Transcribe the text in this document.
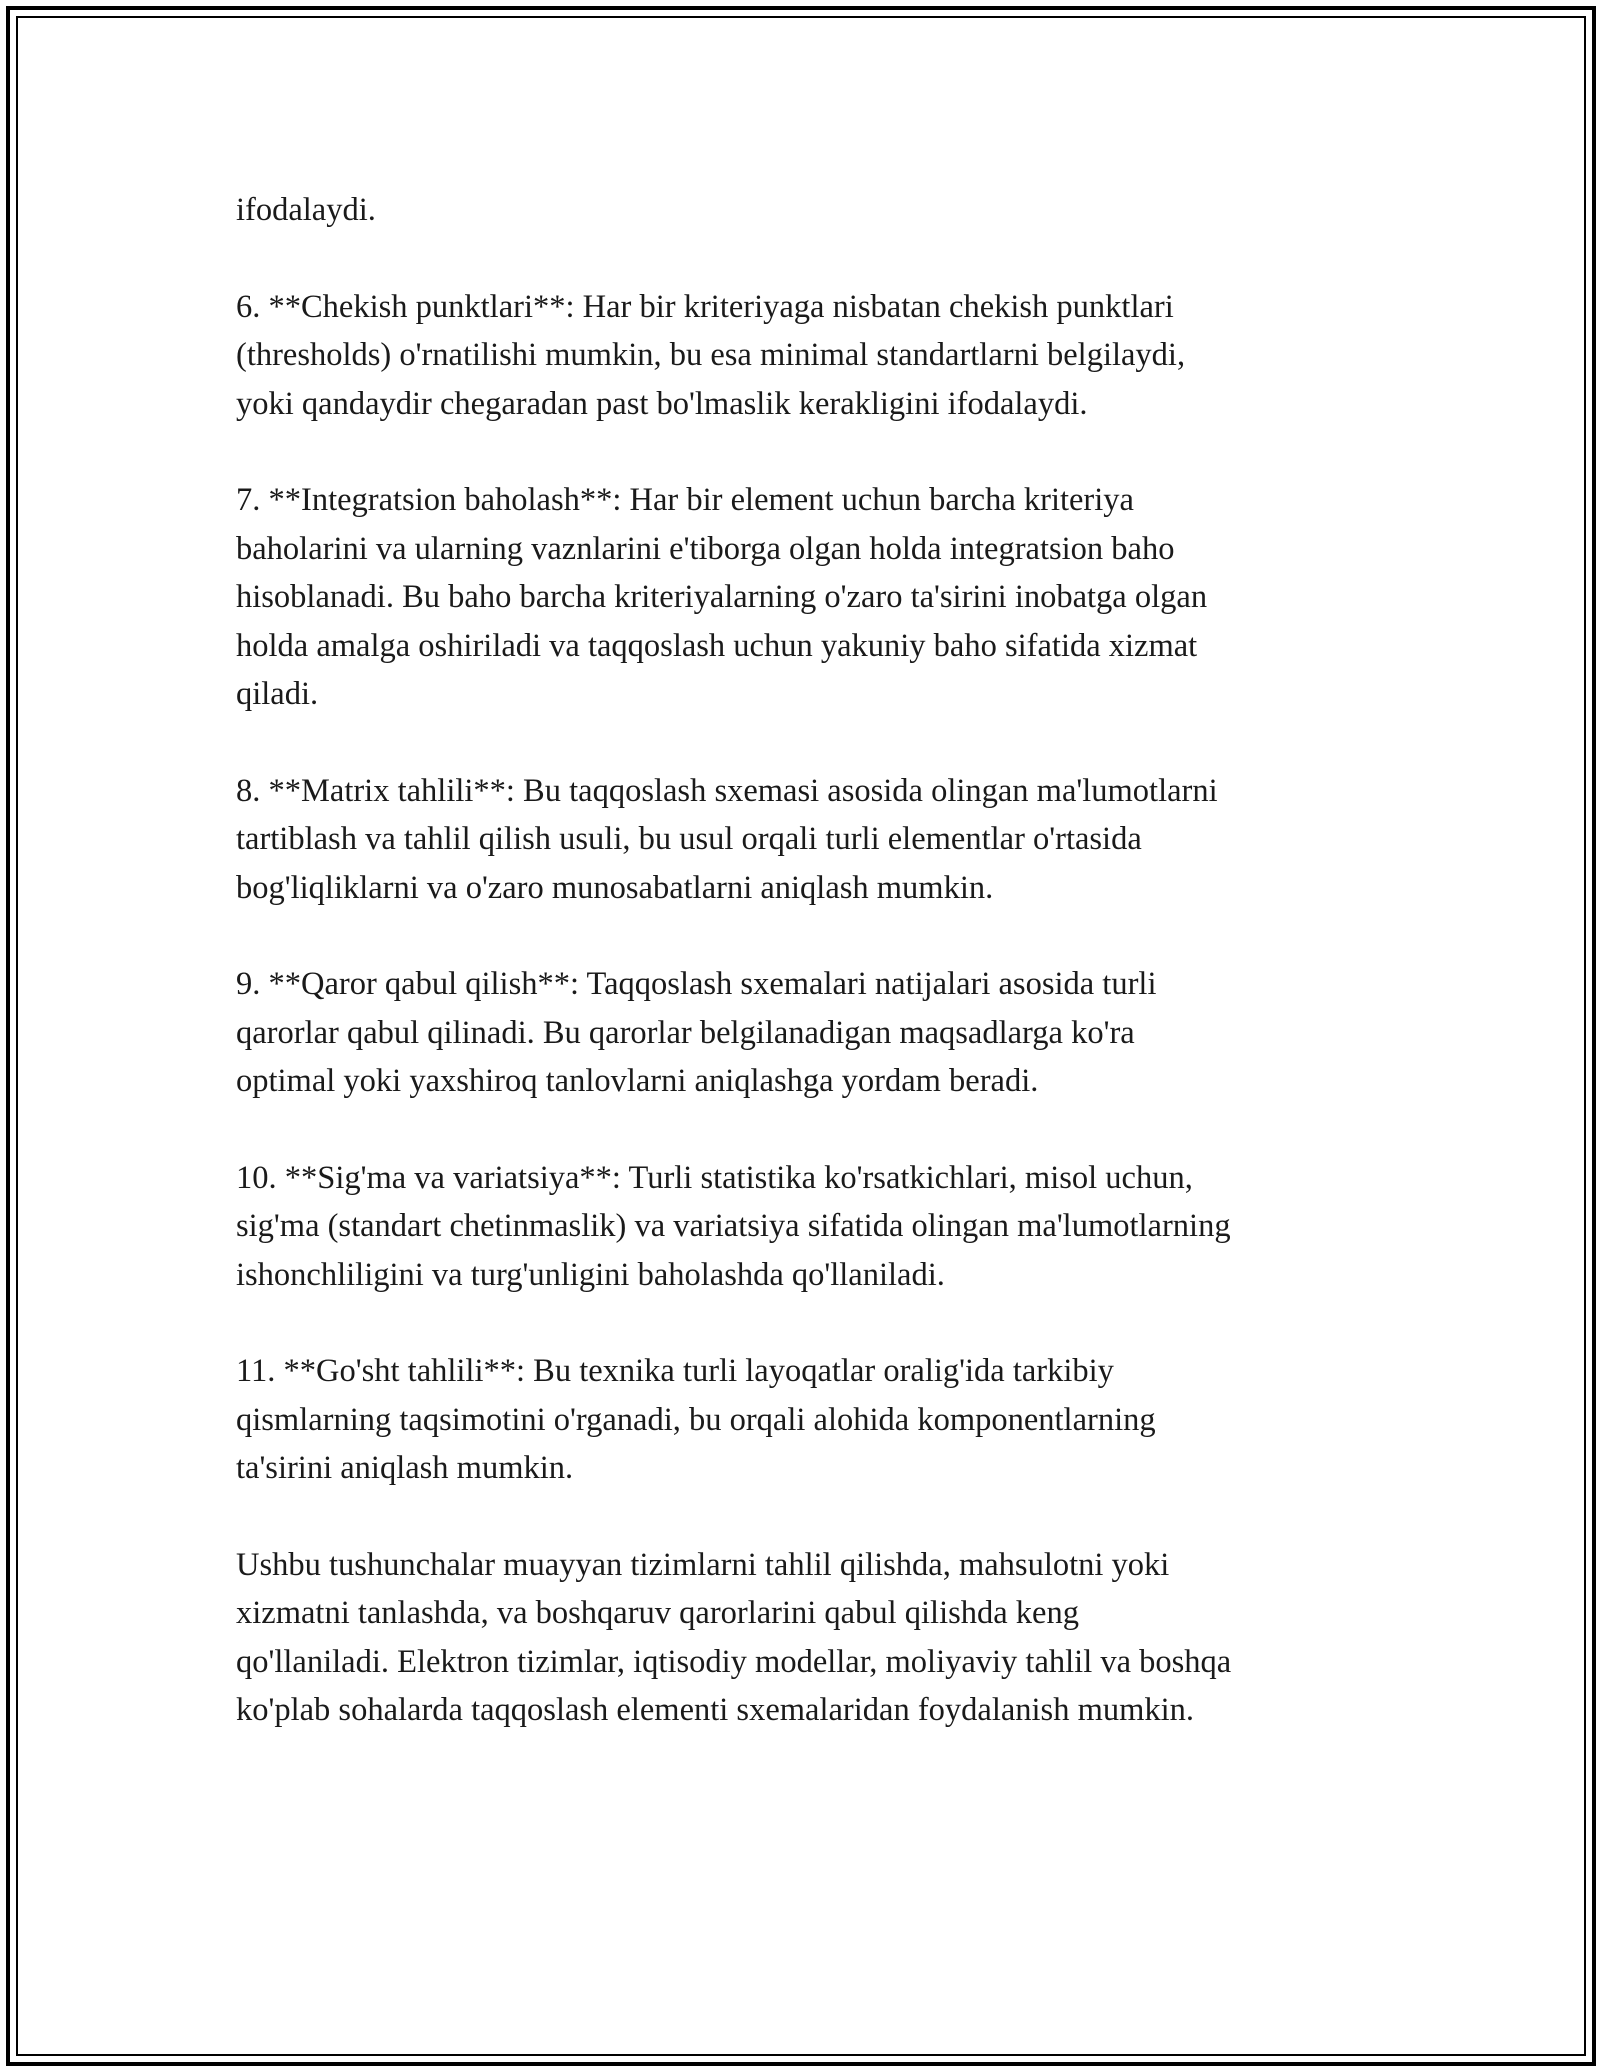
ifodalaydi.

6. **Chekish punktlari**: Har bir kriteriyaga nisbatan chekish punktlari
(thresholds) o'rnatilishi mumkin, bu esa minimal standartlarni belgilaydi,
yoki qandaydir chegaradan past bo'lmaslik kerakligini ifodalaydi.

7. **Integratsion baholash**: Har bir element uchun barcha kriteriya
baholarini va ularning vaznlarini e'tiborga olgan holda integratsion baho
hisoblanadi. Bu baho barcha kriteriyalarning o'zaro ta'sirini inobatga olgan
holda amalga oshiriladi va taqqoslash uchun yakuniy baho sifatida xizmat
qiladi.

8. **Matrix tahlili**: Bu taqqoslash sxemasi asosida olingan ma'lumotlarni
tartiblash va tahlil qilish usuli, bu usul orqali turli elementlar o'rtasida
bog'liqliklarni va o'zaro munosabatlarni aniqlash mumkin.

9. **Qaror qabul qilish**: Taqqoslash sxemalari natijalari asosida turli
qarorlar qabul qilinadi. Bu qarorlar belgilanadigan maqsadlarga ko'ra
optimal yoki yaxshiroq tanlovlarni aniqlashga yordam beradi.

10. **Sig'ma va variatsiya**: Turli statistika ko'rsatkichlari, misol uchun,
sig'ma (standart chetinmaslik) va variatsiya sifatida olingan ma'lumotlarning
ishonchliligini va turg'unligini baholashda qo'llaniladi.

11. **Go'sht tahlili**: Bu texnika turli layoqatlar oralig'ida tarkibiy
qismlarning taqsimotini o'rganadi, bu orqali alohida komponentlarning
ta'sirini aniqlash mumkin.

Ushbu tushunchalar muayyan tizimlarni tahlil qilishda, mahsulotni yoki
xizmatni tanlashda, va boshqaruv qarorlarini qabul qilishda keng
qo'llaniladi. Elektron tizimlar, iqtisodiy modellar, moliyaviy tahlil va boshqa
ko'plab sohalarda taqqoslash elementi sxemalaridan foydalanish mumkin.
